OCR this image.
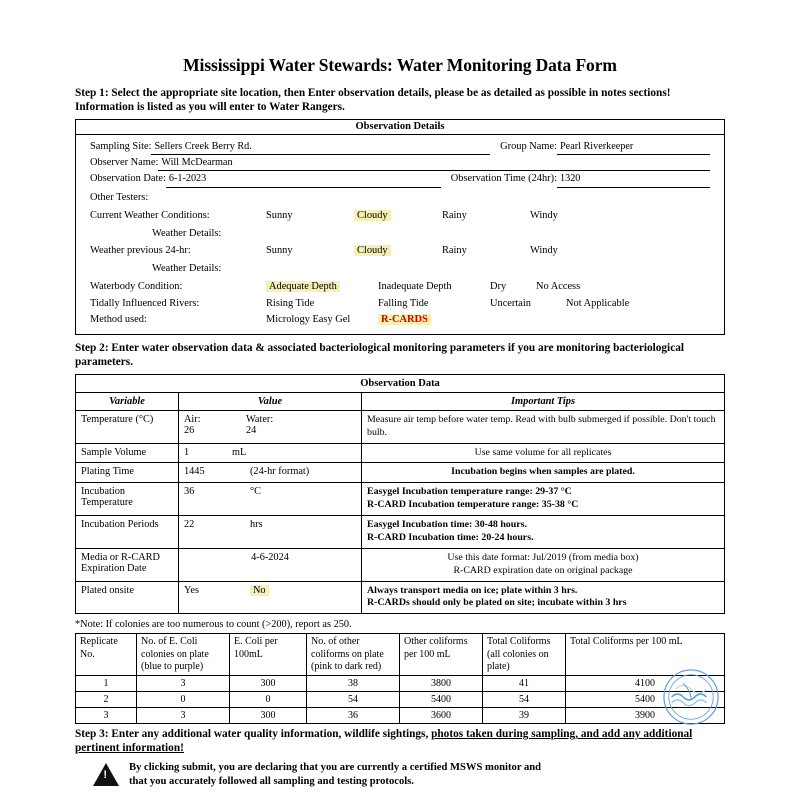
Mississippi Water Stewards: Water Monitoring Data Form
Step 1: Select the appropriate site location, then Enter observation details, please be as detailed as possible in notes sections! Information is listed as you will enter to Water Rangers.
Observation Details
Sampling Site: Sellers Creek Berry Rd.	Group Name: Pearl Riverkeeper
Observer Name: Will McDearman
Observation Date: 6-1-2023	Observation Time (24hr): 1320
Other Testers:
Current Weather Conditions:	Sunny	Cloudy	Rainy	Windy
Weather Details:
Weather previous 24-hr:	Sunny	Cloudy	Rainy	Windy
Weather Details:
Waterbody Condition:	Adequate Depth	Inadequate Depth	Dry	No Access
Tidally Influenced Rivers:	Rising Tide	Falling Tide	Uncertain	Not Applicable
Method used:	Micrology Easy Gel	R-CARDS
Step 2: Enter water observation data & associated bacteriological monitoring parameters if you are monitoring bacteriological parameters.
Observation Data		
Variable	Value	Important Tips
Temperature (°C)	Air:
26
Water:
24	Measure air temp before water temp. Read with bulb submerged if possible. Don't touch bulb.
Sample Volume	1 mL	Use same volume for all replicates
Plating Time	1445 (24-hr format)	Incubation begins when samples are plated.
Incubation Temperature	36 °C	Easygel Incubation temperature range: 29-37 °C
R-CARD Incubation temperature range: 35-38 °C

Incubation Periods	22 hrs	Easygel Incubation time: 30-48 hours.
R-CARD Incubation time: 20-24 hours.

Media or R-CARD Expiration Date	4-6-2024	Use this date format: Jul/2019 (from media box)
R-CARD expiration date on original package

Plated onsite	Yes No	Always transport media on ice; plate within 3 hrs.
R-CARDs should only be plated on site; incubate within 3 hrs
*Note: If colonies are too numerous to count (>200), report as 250.
Replicate No.	No. of E. Coli colonies on plate (blue to purple)	E. Coli per 100mL	No. of other coliforms on plate (pink to dark red)	Other coliforms per 100 mL	Total Coliforms (all colonies on plate)	Total Coliforms per 100 mL
1	3	300	38	3800	41	4100
2	0	0	54	5400	54	5400
3	3	300	36	3600	39	3900
Step 3: Enter any additional water quality information, wildlife sightings, photos taken during sampling, and add any additional pertinent information!
!
By clicking submit, you are declaring that you are currently a certified MSWS monitor and that you accurately followed all sampling and testing protocols.
